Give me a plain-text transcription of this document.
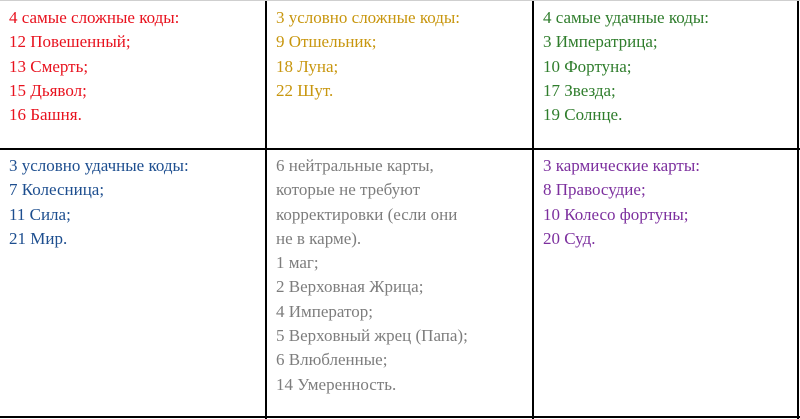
4 самые сложные коды:
12 Повешенный;
13 Смерть;
15 Дьявол;
16 Башня.
3 условно сложные коды:
9 Отшельник;
18 Луна;
22 Шут.
4 самые удачные коды:
3 Императрица;
10 Фортуна;
17 Звезда;
19 Солнце.
3 условно удачные коды:
7 Колесница;
11 Сила;
21 Мир.
6 нейтральные карты,
которые не требуют
корректировки (если они
не в карме).
1 маг;
2 Верховная Жрица;
4 Император;
5 Верховный жрец (Папа);
6 Влюбленные;
14 Умеренность.
3 кармические карты:
8 Правосудие;
10 Колесо фортуны;
20 Суд.
